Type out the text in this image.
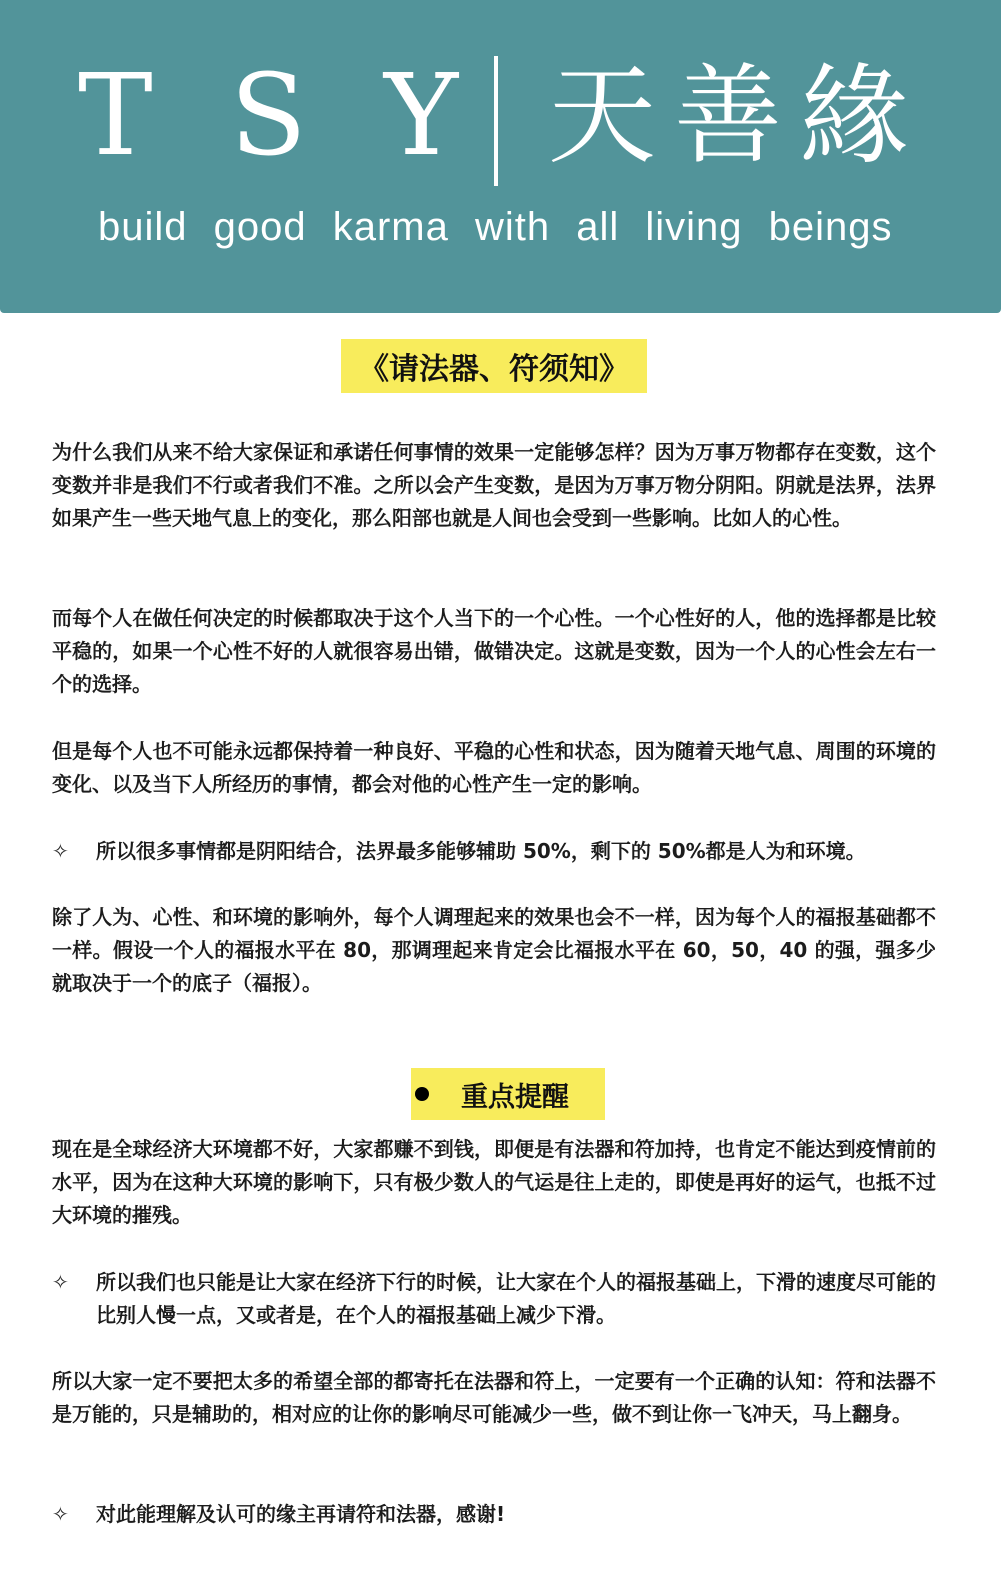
T S Y 天善緣
build good karma with all living beings
《请法器、符须知》

为什么我们从来不给大家保证和承诺任何事情的效果一定能够怎样？因为万事万物都存在变数，这个变数并非是我们不行或者我们不准。之所以会产生变数，是因为万事万物分阴阳。阴就是法界，法界如果产生一些天地气息上的变化，那么阳部也就是人间也会受到一些影响。比如人的心性。

而每个人在做任何决定的时候都取决于这个人当下的一个心性。一个心性好的人，他的选择都是比较平稳的，如果一个心性不好的人就很容易出错，做错决定。这就是变数，因为一个人的心性会左右一个的选择。

但是每个人也不可能永远都保持着一种良好、平稳的心性和状态，因为随着天地气息、周围的环境的变化、以及当下人所经历的事情，都会对他的心性产生一定的影响。

✧	所以很多事情都是阴阳结合，法界最多能够辅助 50%，剩下的 50%都是人为和环境。

除了人为、心性、和环境的影响外，每个人调理起来的效果也会不一样，因为每个人的福报基础都不一样。假设一个人的福报水平在 80，那调理起来肯定会比福报水平在 60，50，40 的强，强多少就取决于一个的底子（福报）。

重点提醒

现在是全球经济大环境都不好，大家都赚不到钱，即便是有法器和符加持，也肯定不能达到疫情前的水平，因为在这种大环境的影响下，只有极少数人的气运是往上走的，即使是再好的运气，也抵不过大环境的摧残。

✧	所以我们也只能是让大家在经济下行的时候，让大家在个人的福报基础上，下滑的速度尽可能的比别人慢一点，又或者是，在个人的福报基础上减少下滑。

所以大家一定不要把太多的希望全部的都寄托在法器和符上，一定要有一个正确的认知：符和法器不是万能的，只是辅助的，相对应的让你的影响尽可能减少一些，做不到让你一飞冲天，马上翻身。

✧	对此能理解及认可的缘主再请符和法器，感谢!
